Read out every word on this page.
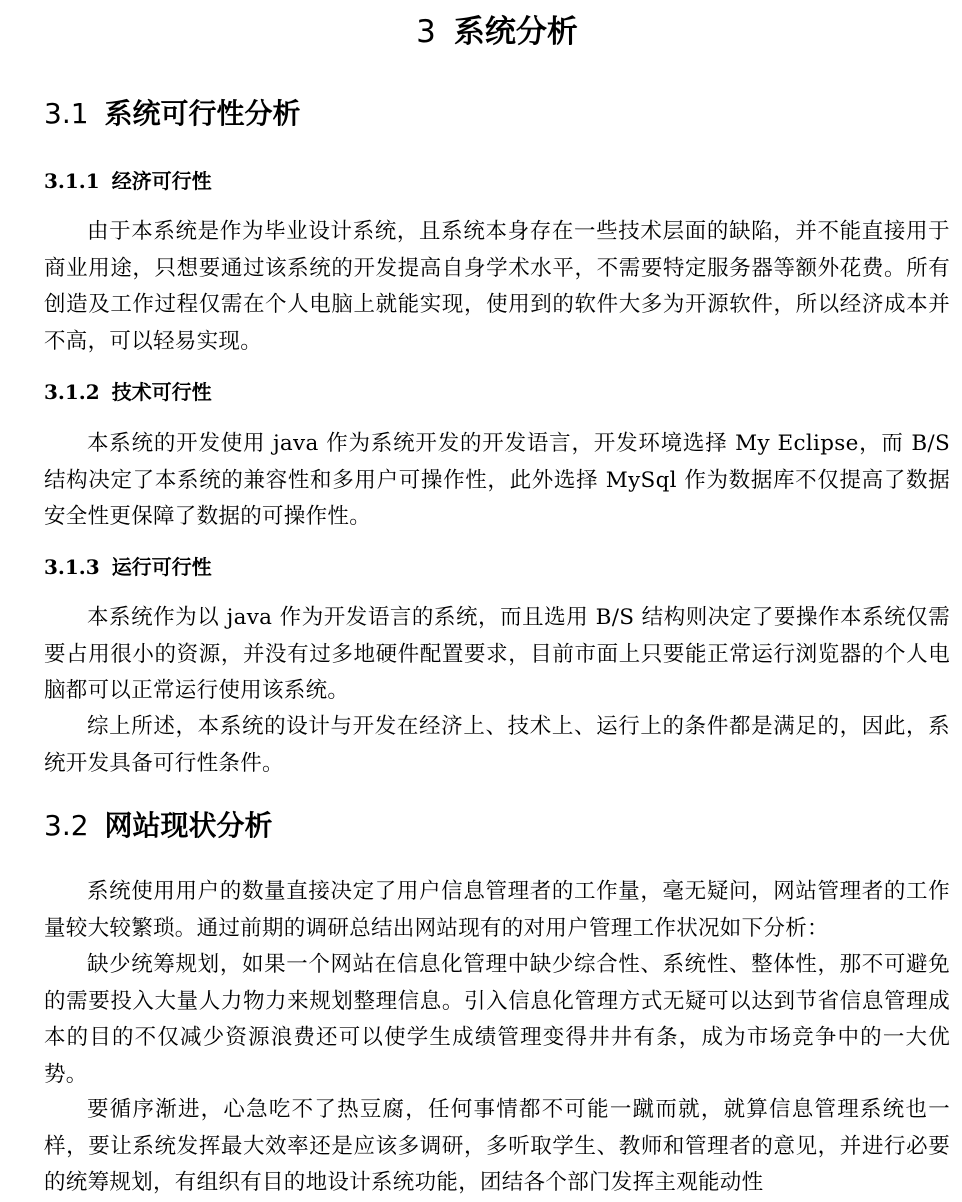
3 系统分析
3.1 系统可行性分析
3.1.1 经济可行性

由于本系统是作为毕业设计系统，且系统本身存在一些技术层面的缺陷，并不能直接用于商业用途，只想要通过该系统的开发提高自身学术水平，不需要特定服务器等额外花费。所有创造及工作过程仅需在个人电脑上就能实现，使用到的软件大多为开源软件，所以经济成本并不高，可以轻易实现。

3.1.2 技术可行性

本系统的开发使用 java 作为系统开发的开发语言，开发环境选择 My Eclipse，而 B/S 结构决定了本系统的兼容性和多用户可操作性，此外选择 MySql 作为数据库不仅提高了数据安全性更保障了数据的可操作性。

3.1.3 运行可行性

本系统作为以 java 作为开发语言的系统，而且选用 B/S 结构则决定了要操作本系统仅需要占用很小的资源，并没有过多地硬件配置要求，目前市面上只要能正常运行浏览器的个人电脑都可以正常运行使用该系统。

综上所述，本系统的设计与开发在经济上、技术上、运行上的条件都是满足的，因此，系统开发具备可行性条件。

3.2 网站现状分析

系统使用用户的数量直接决定了用户信息管理者的工作量，毫无疑问，网站管理者的工作量较大较繁琐。通过前期的调研总结出网站现有的对用户管理工作状况如下分析：

缺少统筹规划，如果一个网站在信息化管理中缺少综合性、系统性、整体性，那不可避免的需要投入大量人力物力来规划整理信息。引入信息化管理方式无疑可以达到节省信息管理成本的目的不仅减少资源浪费还可以使学生成绩管理变得井井有条，成为市场竞争中的一大优势。

要循序渐进，心急吃不了热豆腐，任何事情都不可能一蹴而就，就算信息管理系统也一样，要让系统发挥最大效率还是应该多调研，多听取学生、教师和管理者的意见，并进行必要的统筹规划，有组织有目的地设计系统功能，团结各个部门发挥主观能动性
